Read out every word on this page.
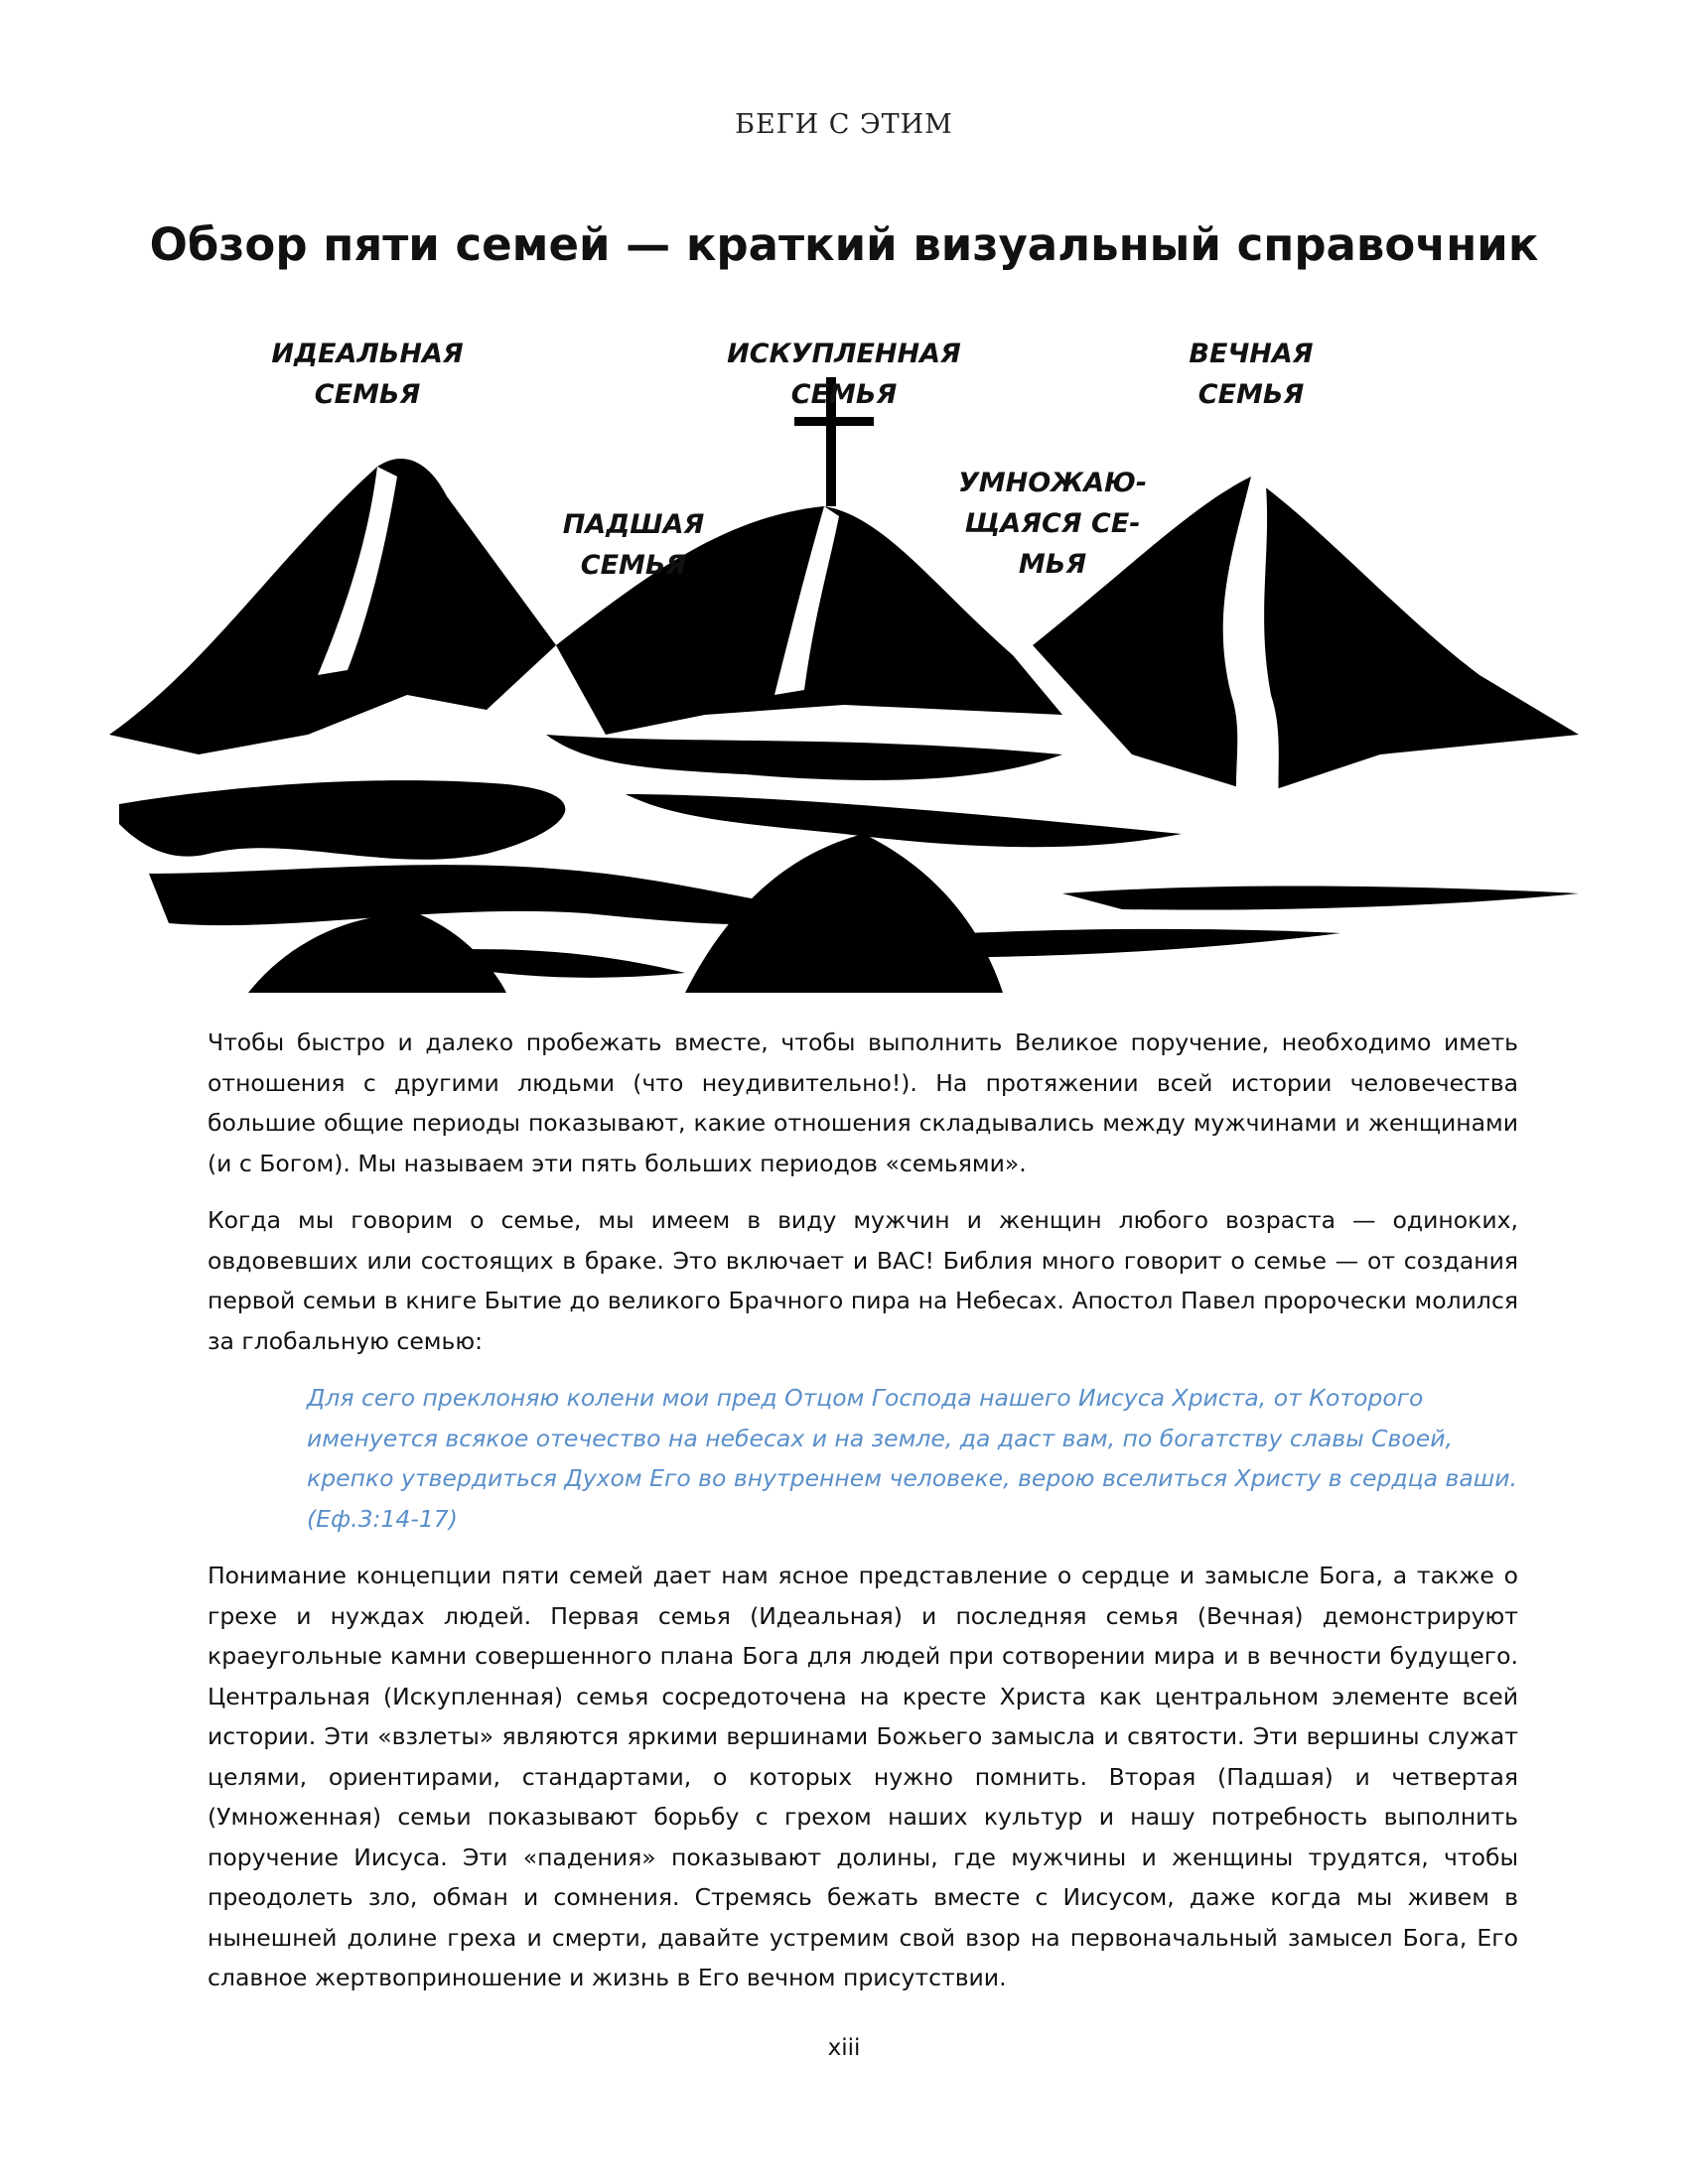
БЕГИ С ЭТИМ
Обзор пяти семей — краткий визуальный справочник
ИДЕАЛЬНАЯ
СЕМЬЯ
ПАДШАЯ
СЕМЬЯ
ИСКУПЛЕННАЯ
СЕМЬЯ
УМНОЖАЮ-
ЩАЯСЯ СЕ-
МЬЯ
ВЕЧНАЯ
СЕМЬЯ

Чтобы быстро и далеко пробежать вместе, чтобы выполнить Великое поручение, необходимо иметь отношения с другими людьми (что неудивительно!). На протяжении всей истории человечества большие общие периоды показывают, какие отношения складывались между мужчинами и женщинами (и с Богом). Мы называем эти пять больших периодов «семьями».

Когда мы говорим о семье, мы имеем в виду мужчин и женщин любого возраста — одиноких, овдовевших или состоящих в браке. Это включает и ВАС! Библия много говорит о семье — от создания первой семьи в книге Бытие до великого Брачного пира на Небесах. Апостол Павел пророчески молился за глобальную семью:

Для сего преклоняю колени мои пред Отцом Господа нашего Иисуса Христа, от Которого именуется всякое отечество на небесах и на земле, да даст вам, по богатству славы Своей, крепко утвердиться Духом Его во внутреннем человеке, верою вселиться Христу в сердца ваши. (Еф.3:14-17)

Понимание концепции пяти семей дает нам ясное представление о сердце и замысле Бога, а также о грехе и нуждах людей. Первая семья (Идеальная) и последняя семья (Вечная) демонстрируют краеугольные камни совершенного плана Бога для людей при сотворении мира и в вечности будущего. Центральная (Искупленная) семья сосредоточена на кресте Христа как центральном элементе всей истории. Эти «взлеты» являются яркими вершинами Божьего замысла и святости. Эти вершины служат целями, ориентирами, стандартами, о которых нужно помнить. Вторая (Падшая) и четвертая (Умноженная) семьи показывают борьбу с грехом наших культур и нашу потребность выполнить поручение Иисуса. Эти «падения» показывают долины, где мужчины и женщины трудятся, чтобы преодолеть зло, обман и сомнения. Стремясь бежать вместе с Иисусом, даже когда мы живем в нынешней долине греха и смерти, давайте устремим свой взор на первоначальный замысел Бога, Его славное жертвоприношение и жизнь в Его вечном присутствии.

xiii
